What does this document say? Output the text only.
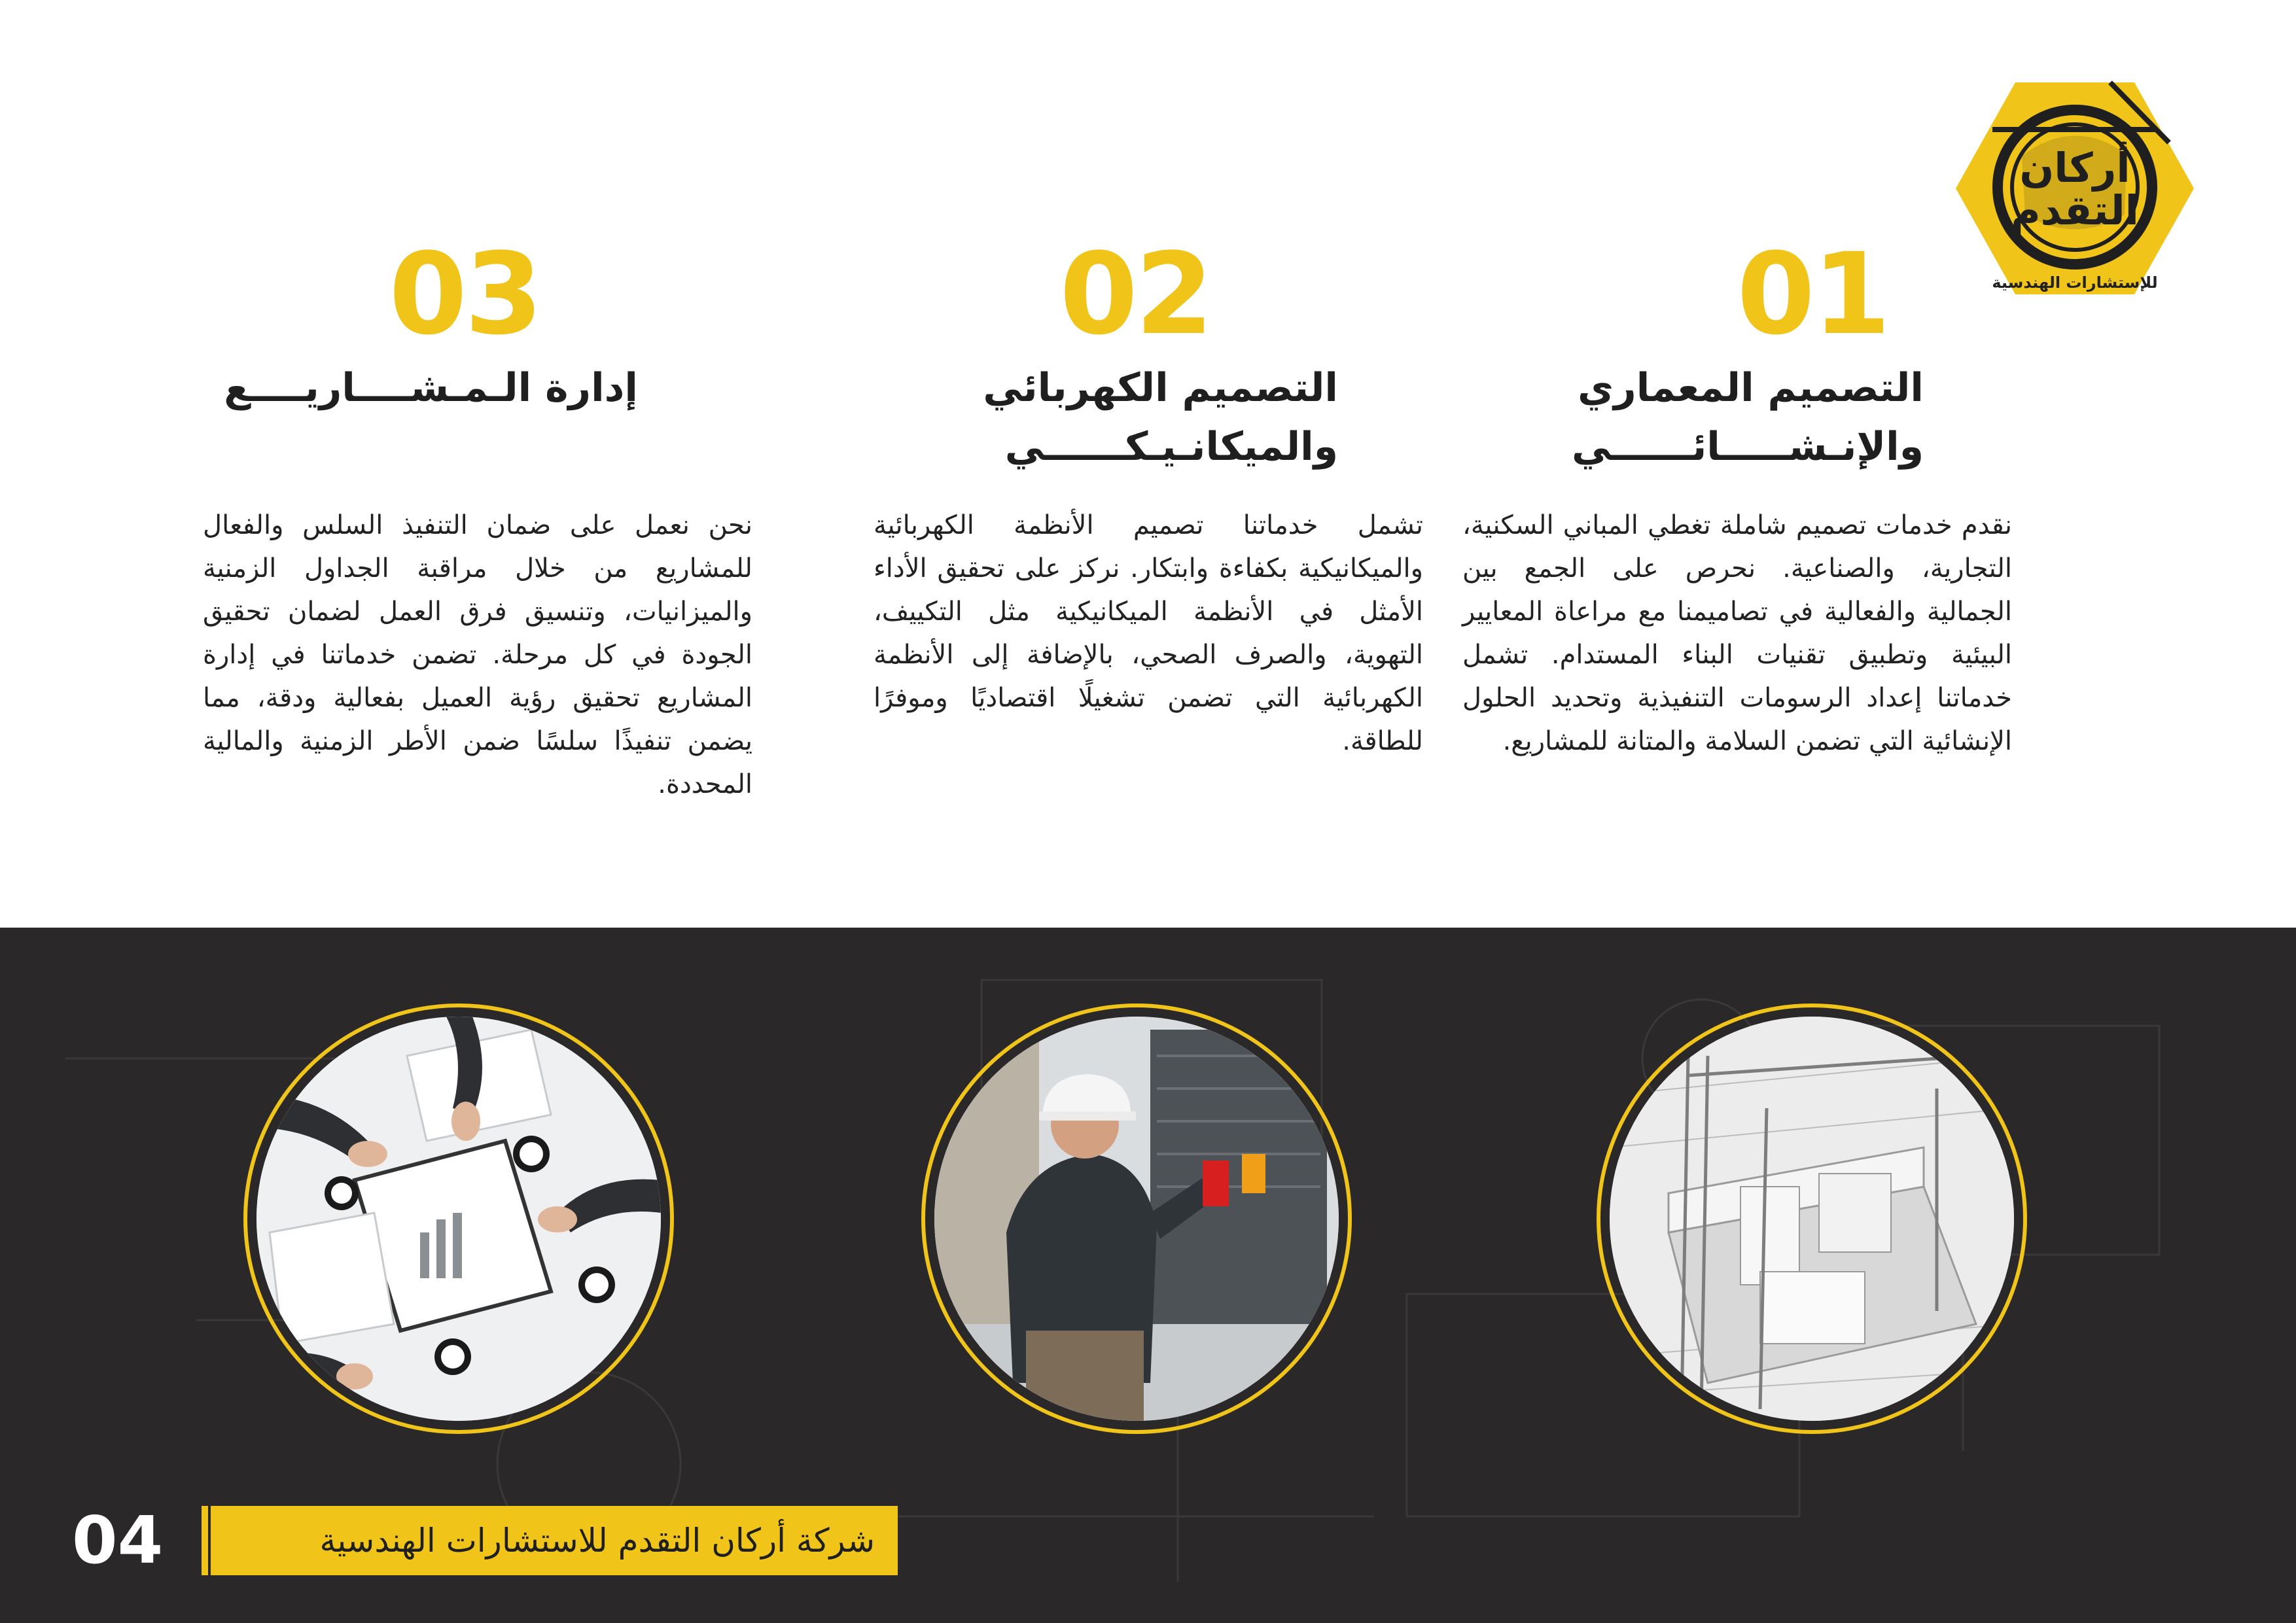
أركان
التقدم
للإستشارات الهندسية
01
التصميم المعماري
والإنـشـــــائــــــي
نقدم خدمات تصميم شاملة تغطي المباني السكنية، التجارية، والصناعية. نحرص على الجمع بين الجمالية والفعالية في تصاميمنا مع مراعاة المعايير البيئية وتطبيق تقنيات البناء المستدام. تشمل خدماتنا إعداد الرسومات التنفيذية وتحديد الحلول الإنشائية التي تضمن السلامة والمتانة للمشاريع.
02
التصميم الكهربائي
والميكانـيـكــــــي
تشمل خدماتنا تصميم الأنظمة الكهربائية والميكانيكية بكفاءة وابتكار. نركز على تحقيق الأداء الأمثل في الأنظمة الميكانيكية مثل التكييف، التهوية، والصرف الصحي، بالإضافة إلى الأنظمة الكهربائية التي تضمن تشغيلًا اقتصاديًا وموفرًا للطاقة.
03
إدارة الـمـشــــاريــــع
نحن نعمل على ضمان التنفيذ السلس والفعال للمشاريع من خلال مراقبة الجداول الزمنية والميزانيات، وتنسيق فرق العمل لضمان تحقيق الجودة في كل مرحلة. تضمن خدماتنا في إدارة المشاريع تحقيق رؤية العميل بفعالية ودقة، مما يضمن تنفيذًا سلسًا ضمن الأطر الزمنية والمالية المحددة.
04	شركة أركان التقدم للاستشارات الهندسية
